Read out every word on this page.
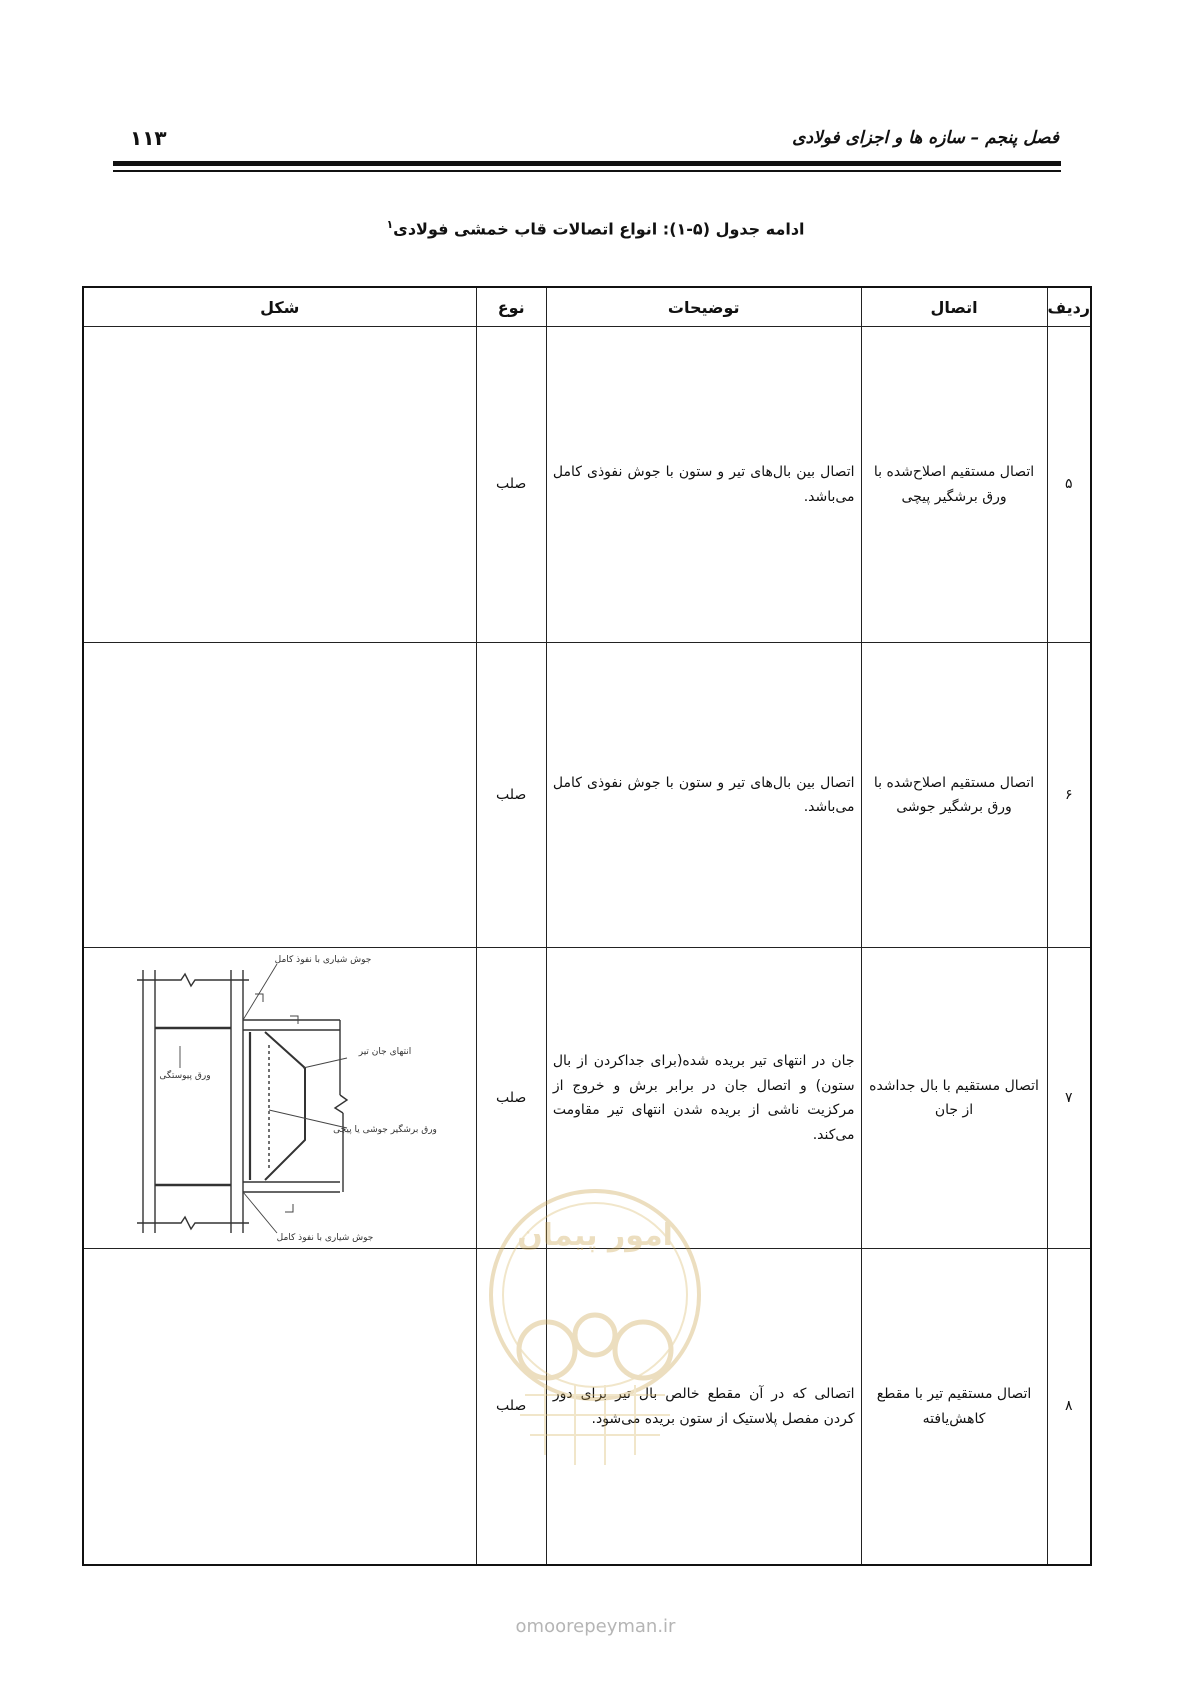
فصل پنجم – سازه ها و اجزای فولادی
۱۱۳
ادامه جدول (۵-۱): انواع اتصالات قاب خمشی فولادی$^۱$
ردیف	اتصال	توضیحات	نوع	شکل
۵	اتصال مستقیم اصلاح‌شده با ورق برشگیر پیچی	اتصال بین بال‌های تیر و ستون با جوش نفوذی کامل می‌باشد.	صلب	
۶	اتصال مستقیم اصلاح‌شده با ورق برشگیر جوشی	اتصال بین بال‌های تیر و ستون با جوش نفوذی کامل می‌باشد.	صلب	
۷	اتصال مستقیم با بال جداشده از جان	جان در انتهای تیر بریده شده(برای جداکردن از بال ستون) و اتصال جان در برابر برش و خروج از مرکزیت ناشی از بریده شدن انتهای تیر مقاومت می‌کند.	صلب	جوش شیاری با نفوذ کامل
انتهای جان تیر
ورق پیوستگی
ورق برشگیر جوشی یا پیچی
جوش شیاری با نفوذ کامل

۸	اتصال مستقیم تیر با مقطع کاهش‌یافته	اتصالی که در آن مقطع خالص بال تیر برای دور کردن مفصل پلاستیک از ستون بریده می‌شود.	صلب	
امور پیمان
omoorepeyman.ir
